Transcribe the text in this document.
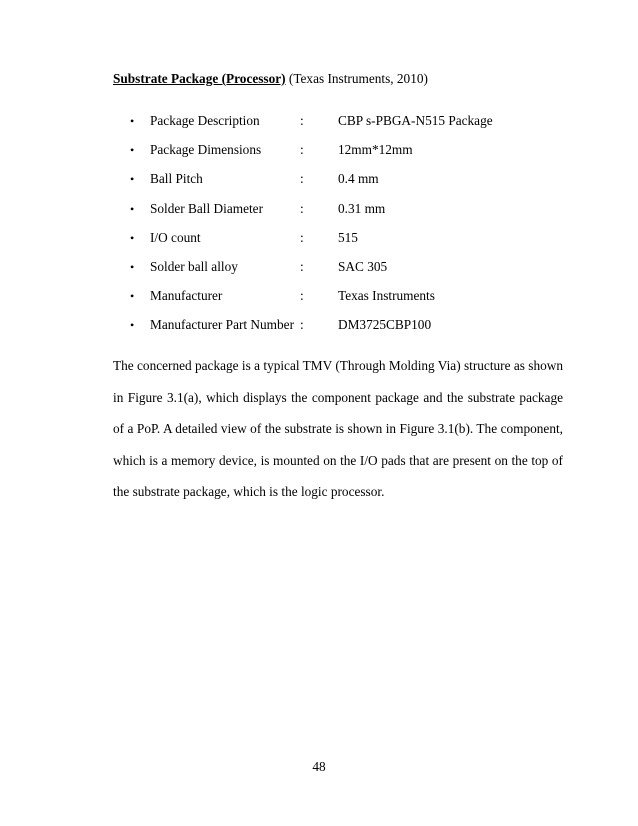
Substrate Package (Processor) (Texas Instruments, 2010)
• Package Description	:	CBP s-PBGA-N515 Package
• Package Dimensions	:	12mm*12mm
• Ball Pitch	:	0.4 mm
• Solder Ball Diameter	:	0.31 mm
• I/O count	:	515
• Solder ball alloy	:	SAC 305
• Manufacturer	:	Texas Instruments
• Manufacturer Part Number :	DM3725CBP100

The concerned package is a typical TMV (Through Molding Via) structure as shown in Figure 3.1(a), which displays the component package and the substrate package of a PoP. A detailed view of the substrate is shown in Figure 3.1(b). The component, which is a memory device, is mounted on the I/O pads that are present on the top of the substrate package, which is the logic processor.

48
